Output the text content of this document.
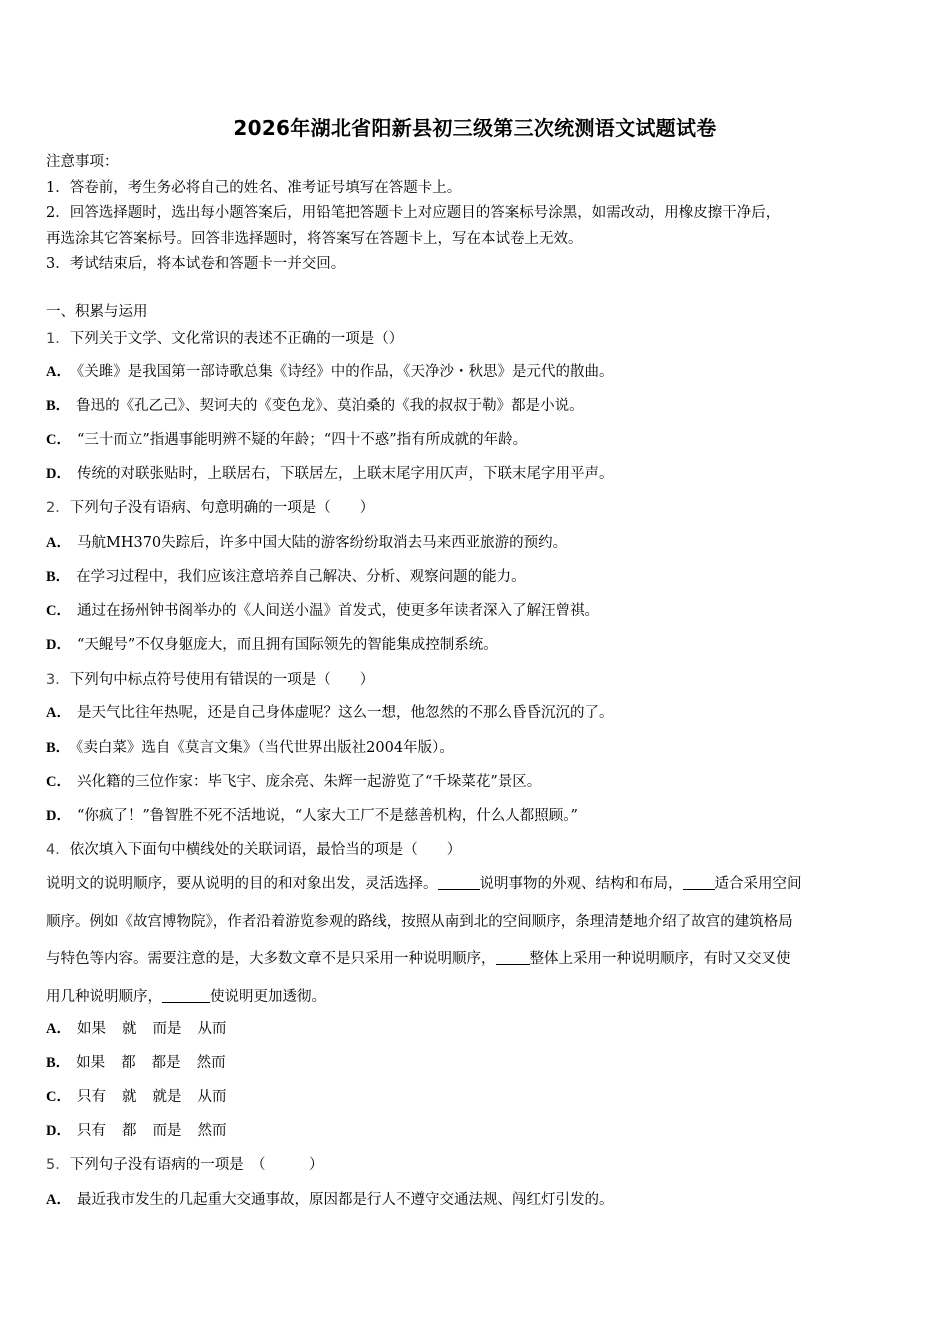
2026年湖北省阳新县初三级第三次统测语文试题试卷
注意事项：
1．答卷前，考生务必将自己的姓名、准考证号填写在答题卡上。
2．回答选择题时，选出每小题答案后，用铅笔把答题卡上对应题目的答案标号涂黑，如需改动，用橡皮擦干净后，
再选涂其它答案标号。回答非选择题时，将答案写在答题卡上，写在本试卷上无效。
3．考试结束后，将本试卷和答题卡一并交回。
一、积累与运用
1．下列关于文学、文化常识的表述不正确的一项是（）
A． 《关雎》是我国第一部诗歌总集《诗经》中的作品，《天净沙・秋思》是元代的散曲。
B． 鲁迅的《孔乙己》、契诃夫的《变色龙》、莫泊桑的《我的叔叔于勒》都是小说。
C． “三十而立”指遇事能明辨不疑的年龄；“四十不惑”指有所成就的年龄。
D． 传统的对联张贴时，上联居右，下联居左，上联末尾字用仄声，下联末尾字用平声。
2．下列句子没有语病、句意明确的一项是（　　）
A． 马航MH370失踪后，许多中国大陆的游客纷纷取消去马来西亚旅游的预约。
B． 在学习过程中，我们应该注意培养自己解决、分析、观察问题的能力。
C． 通过在扬州钟书阁举办的《人间送小温》首发式，使更多年读者深入了解汪曾祺。
D． “天鲲号”不仅身躯庞大，而且拥有国际领先的智能集成控制系统。
3．下列句中标点符号使用有错误的一项是（　　）
A． 是天气比往年热呢，还是自己身体虚呢？这么一想，他忽然的不那么昏昏沉沉的了。
B． 《卖白菜》选自《莫言文集》（当代世界出版社2004年版）。
C． 兴化籍的三位作家：毕飞宇、庞余亮、朱辉一起游览了“千垛菜花”景区。
D． “你疯了！”鲁智胜不死不活地说，“人家大工厂不是慈善机构，什么人都照顾。”
4．依次填入下面句中横线处的关联词语，最恰当的项是（　　）
说明文的说明顺序，要从说明的目的和对象出发，灵活选择。	说明事物的外观、结构和布局， 适合采用空间
顺序。例如《故宫博物院》，作者沿着游览参观的路线，按照从南到北的空间顺序，条理清楚地介绍了故宫的建筑格局
与特色等内容。需要注意的是，大多数文章不是只采用一种说明顺序， 整体上采用一种说明顺序，有时又交叉使
用几种说明顺序，	使说明更加透彻。
A． 如果 就 而是 从而
B． 如果 都 都是 然而
C． 只有 就 就是 从而
D． 只有 都 而是 然而
5．下列句子没有语病的一项是　（　　　）
A． 最近我市发生的几起重大交通事故，原因都是行人不遵守交通法规、闯红灯引发的。
